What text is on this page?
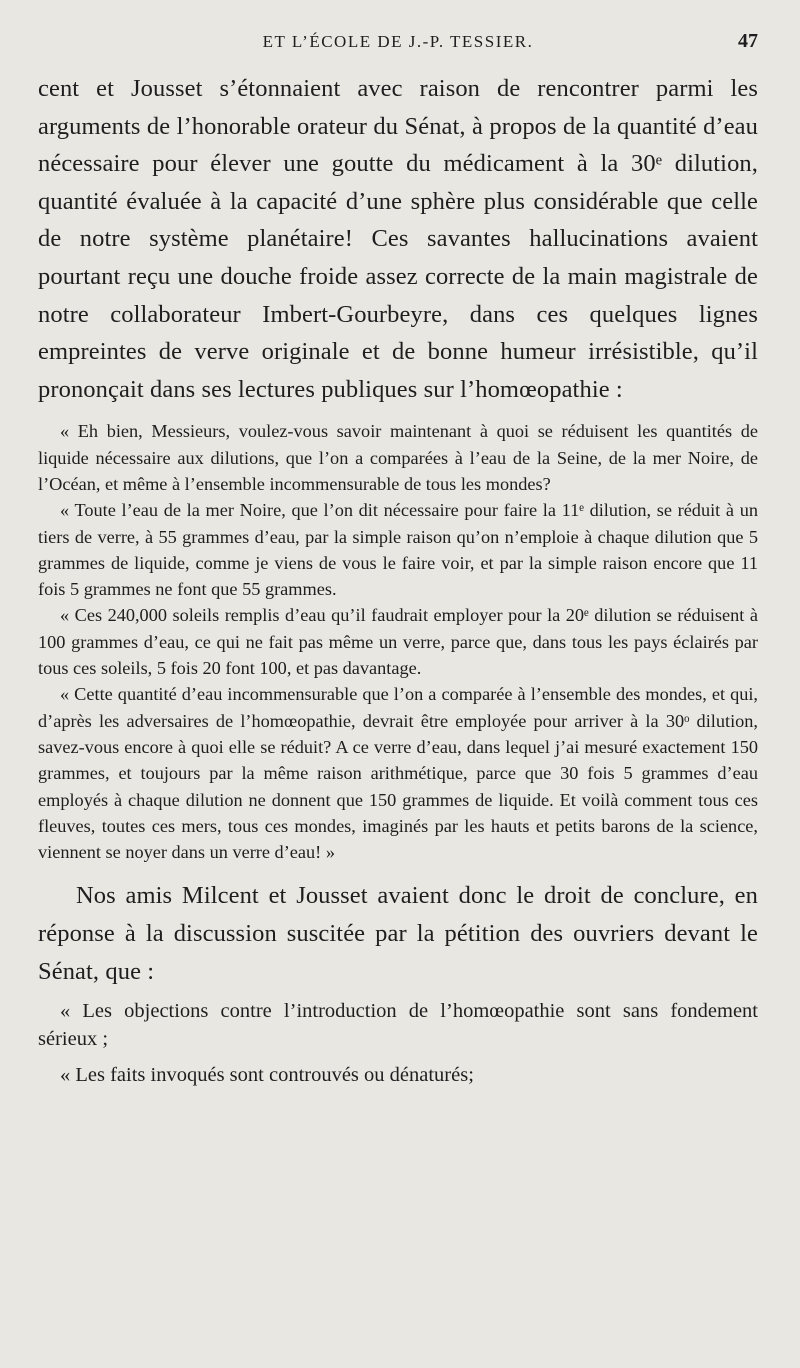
ET L’ÉCOLE DE J.-P. TESSIER.	47

cent et Jousset s’étonnaient avec raison de rencontrer parmi les arguments de l’honorable orateur du Sénat, à propos de la quantité d’eau nécessaire pour élever une goutte du médicament à la 30ᵉ dilution, quantité évaluée à la capacité d’une sphère plus considérable que celle de notre système planétaire! Ces savantes hallucinations avaient pourtant reçu une douche froide assez correcte de la main magistrale de notre collaborateur Imbert-Gourbeyre, dans ces quelques lignes empreintes de verve originale et de bonne humeur irrésistible, qu’il prononçait dans ses lectures publiques sur l’homœopathie :

« Eh bien, Messieurs, voulez-vous savoir maintenant à quoi se réduisent les quantités de liquide nécessaire aux dilutions, que l’on a comparées à l’eau de la Seine, de la mer Noire, de l’Océan, et même à l’ensemble incommensurable de tous les mondes?

« Toute l’eau de la mer Noire, que l’on dit nécessaire pour faire la 11ᵉ dilution, se réduit à un tiers de verre, à 55 grammes d’eau, par la simple raison qu’on n’emploie à chaque dilution que 5 grammes de liquide, comme je viens de vous le faire voir, et par la simple raison encore que 11 fois 5 grammes ne font que 55 grammes.

« Ces 240,000 soleils remplis d’eau qu’il faudrait employer pour la 20ᵉ dilution se réduisent à 100 grammes d’eau, ce qui ne fait pas même un verre, parce que, dans tous les pays éclairés par tous ces soleils, 5 fois 20 font 100, et pas davantage.

« Cette quantité d’eau incommensurable que l’on a comparée à l’ensemble des mondes, et qui, d’après les adversaires de l’homœopathie, devrait être employée pour arriver à la 30ᵒ dilution, savez-vous encore à quoi elle se réduit? A ce verre d’eau, dans lequel j’ai mesuré exactement 150 grammes, et toujours par la même raison arithmétique, parce que 30 fois 5 grammes d’eau employés à chaque dilution ne donnent que 150 grammes de liquide. Et voilà comment tous ces fleuves, toutes ces mers, tous ces mondes, imaginés par les hauts et petits barons de la science, viennent se noyer dans un verre d’eau! »

Nos amis Milcent et Jousset avaient donc le droit de conclure, en réponse à la discussion suscitée par la pétition des ouvriers devant le Sénat, que :

« Les objections contre l’introduction de l’homœopathie sont sans fondement sérieux ;

« Les faits invoqués sont controuvés ou dénaturés;
